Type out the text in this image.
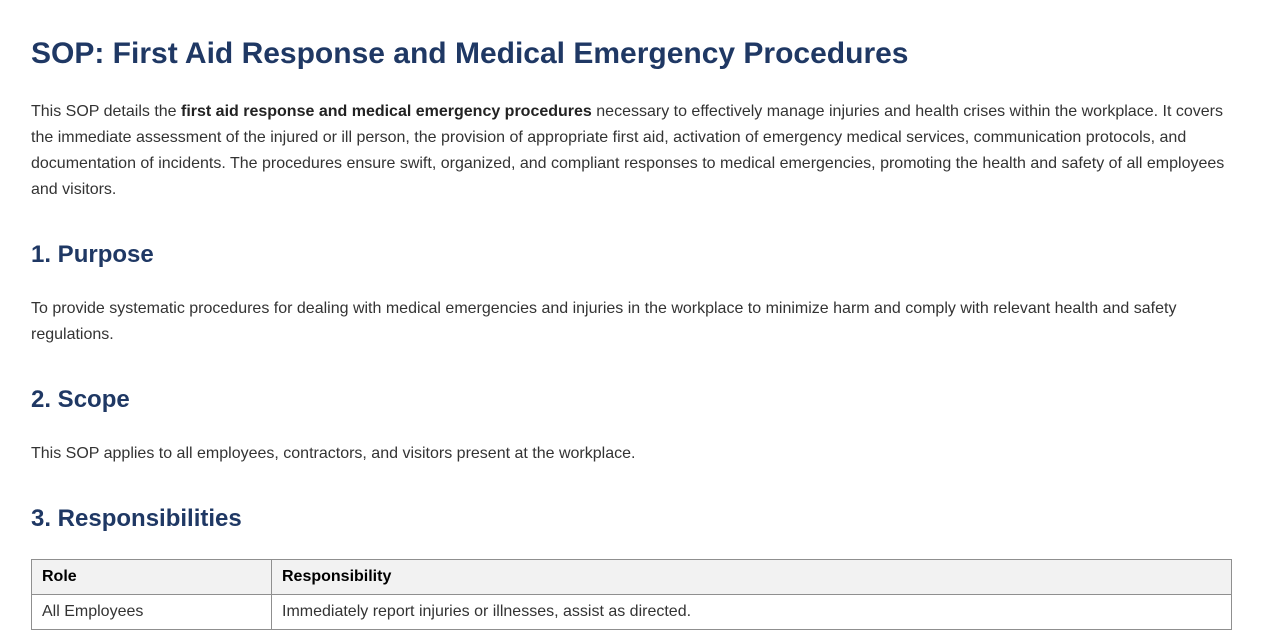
SOP: First Aid Response and Medical Emergency Procedures

This SOP details the first aid response and medical emergency procedures necessary to effectively manage injuries and health crises within the workplace. It covers the immediate assessment of the injured or ill person, the provision of appropriate first aid, activation of emergency medical services, communication protocols, and documentation of incidents. The procedures ensure swift, organized, and compliant responses to medical emergencies, promoting the health and safety of all employees and visitors.

1. Purpose

To provide systematic procedures for dealing with medical emergencies and injuries in the workplace to minimize harm and comply with relevant health and safety regulations.

2. Scope

This SOP applies to all employees, contractors, and visitors present at the workplace.

3. Responsibilities
Role	Responsibility
All Employees	Immediately report injuries or illnesses, assist as directed.
